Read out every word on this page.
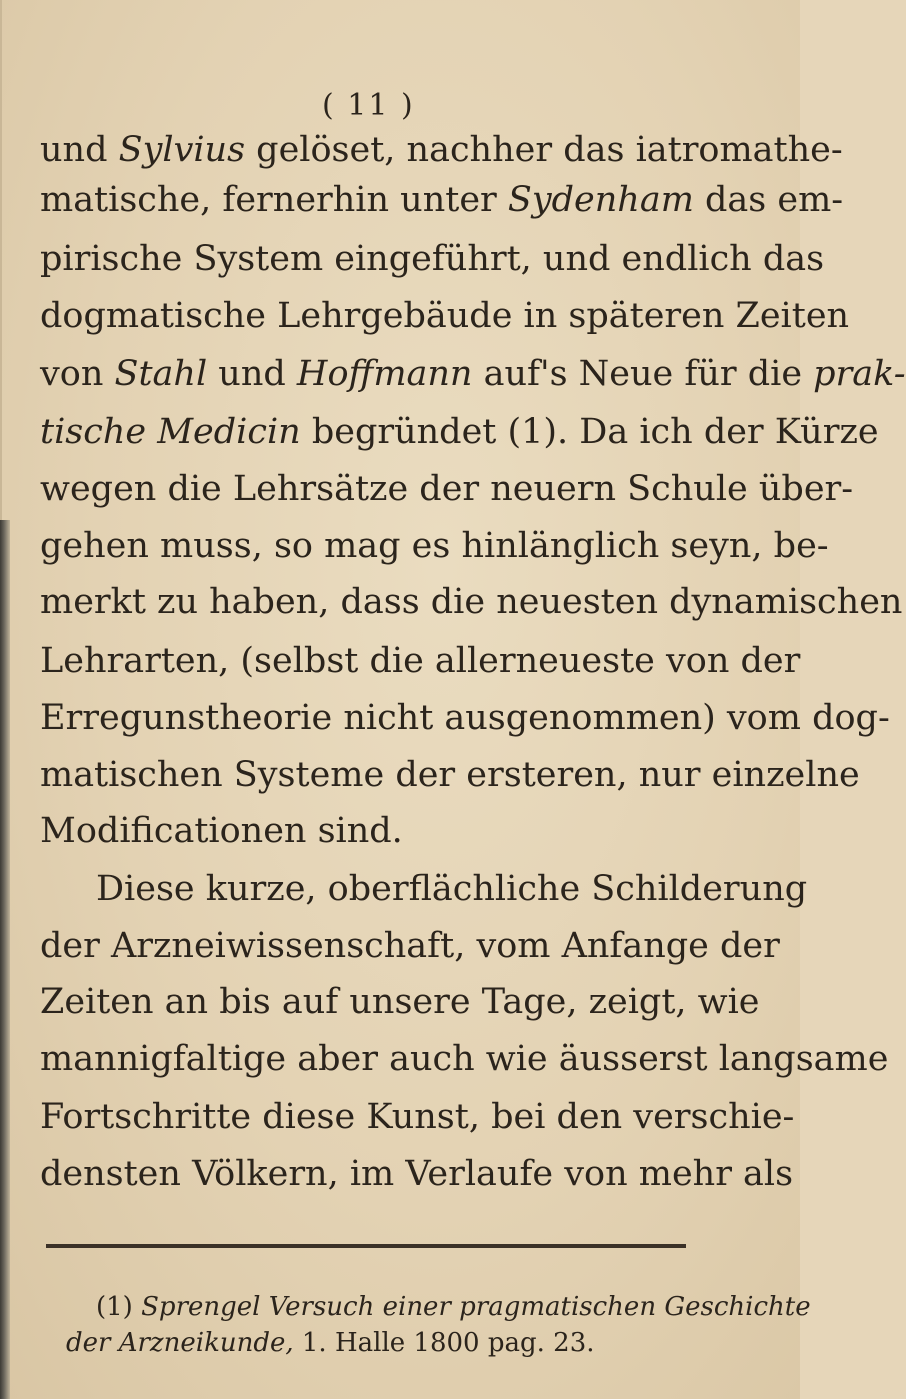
( 11 )
und Sylvius gelöset, nachher das iatromathe-
matische, fernerhin unter Sydenham das em-
pirische System eingeführt, und endlich das
dogmatische Lehrgebäude in späteren Zeiten
von Stahl und Hoffmann auf's Neue für die prak-
tische Medicin begründet (1). Da ich der Kürze
wegen die Lehrsätze der neuern Schule über-
gehen muss, so mag es hinlänglich seyn, be-
merkt zu haben, dass die neuesten dynamischen
Lehrarten, (selbst die allerneueste von der
Erregunstheorie nicht ausgenommen) vom dog-
matischen Systeme der ersteren, nur einzelne
Modificationen sind.
Diese kurze, oberflächliche Schilderung
der Arzneiwissenschaft, vom Anfange der
Zeiten an bis auf unsere Tage, zeigt, wie
mannigfaltige aber auch wie äusserst langsame
Fortschritte diese Kunst, bei den verschie-
densten Völkern, im Verlaufe von mehr als
(1) Sprengel Versuch einer pragmatischen Geschichte
der Arzneikunde, 1. Halle 1800 pag. 23.
